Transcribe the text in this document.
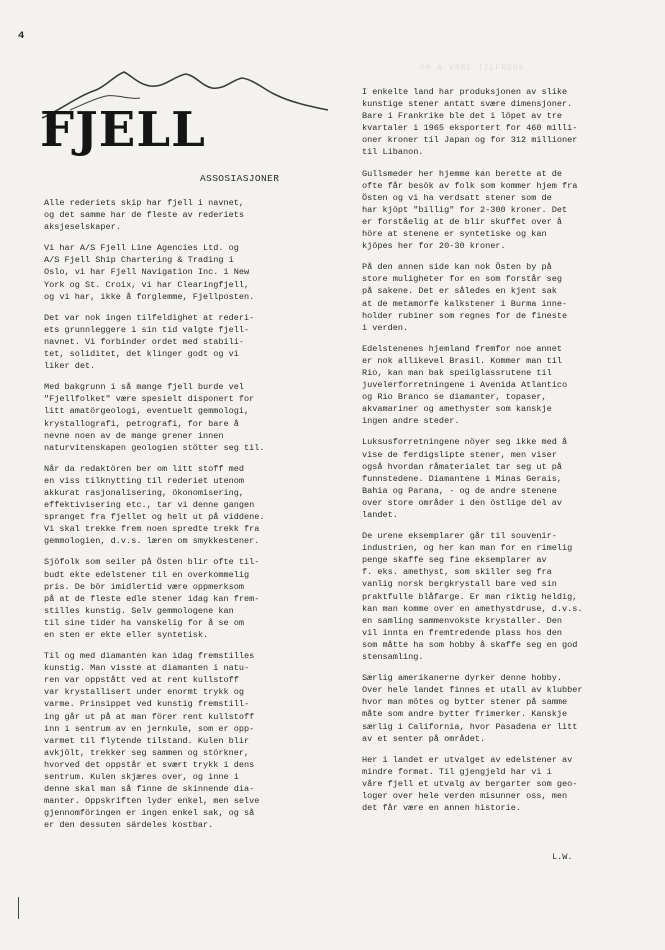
4
OM Å VÆRE TILFREDS
FJELL
ASSOSIASJONER

Alle rederiets skip har fjell i navnet,
og det samme har de fleste av rederiets
aksjeselskaper.

Vi har A/S Fjell Line Agencies Ltd. og
A/S Fjell Ship Chartering & Trading i
Oslo, vi har Fjell Navigation Inc. i New
York og St. Croix, vi har Clearingfjell,
og vi har, ikke å forglemme, Fjellposten.

Det var nok ingen tilfeldighet at rederi-
ets grunnleggere i sin tid valgte fjell-
navnet. Vi forbinder ordet med stabili-
tet, soliditet, det klinger godt og vi
liker det.

Med bakgrunn i så mange fjell burde vel
"Fjellfolket" være spesielt disponert for
litt amatörgeologi, eventuelt gemmologi,
krystallografi, petrografi, for bare å
nevne noen av de mange grener innen
naturvitenskapen geologien stötter seg til.

Når da redaktören ber om litt stoff med
en viss tilknytting til rederiet utenom
akkurat rasjonalisering, ökonomisering,
effektivisering etc., tar vi denne gangen
spranget fra fjellet og helt ut på viddene.
Vi skal trekke frem noen spredte trekk fra
gemmologien, d.v.s. læren om smykkestener.

Sjöfolk som seiler på Östen blir ofte til-
budt ekte edelstener til en overkommelig
pris. De bör imidlertid være oppmerksom
på at de fleste edle stener idag kan frem-
stilles kunstig. Selv gemmologene kan
til sine tider ha vanskelig for å se om
en sten er ekte eller syntetisk.

Til og med diamanten kan idag fremstilles
kunstig. Man visste at diamanten i natu-
ren var oppstått ved at rent kullstoff
var krystallisert under enormt trykk og
varme. Prinsippet ved kunstig fremstill-
ing går ut på at man förer rent kullstoff
inn i sentrum av en jernkule, som er opp-
varmet til flytende tilstand. Kulen blir
avkjölt, trekker seg sammen og störkner,
hvorved det oppstår et svært trykk i dens
sentrum. Kulen skjæres over, og inne i
denne skal man så finne de skinnende dia-
manter. Oppskriften lyder enkel, men selve
gjennomföringen er ingen enkel sak, og så
er den dessuten särdeles kostbar.

I enkelte land har produksjonen av slike
kunstige stener antatt svære dimensjoner.
Bare i Frankrike ble det i löpet av tre
kvartaler i 1965 eksportert for 460 milli-
oner kroner til Japan og for 312 millioner
til Libanon.

Gullsmeder her hjemme kan berette at de
ofte får besök av folk som kommer hjem fra
Östen og vi ha verdsatt stener som de
har kjöpt "billig" for 2-300 kroner. Det
er forståelig at de blir skuffet over å
höre at stenene er syntetiske og kan
kjöpes her for 20-30 kroner.

På den annen side kan nok Östen by på
store muligheter for en som forstår seg
på sakene. Det er således en kjent sak
at de metamorfe kalkstener i Burma inne-
holder rubiner som regnes for de fineste
i verden.

Edelstenenes hjemland fremfor noe annet
er nok allikevel Brasil. Kommer man til
Rio, kan man bak speilglassrutene til
juvelerforretningene i Avenida Atlantico
og Rio Branco se diamanter, topaser,
akvamariner og amethyster som kanskje
ingen andre steder.

Luksusforretningene nöyer seg ikke med å
vise de ferdigslipte stener, men viser
også hvordan råmaterialet tar seg ut på
funnstedene. Diamantene i Minas Gerais,
Bahia og Parana, - og de andre stenene
over store områder i den östlige del av
landet.

De urene eksemplarer går til souvenir-
industrien, og her kan man for en rimelig
penge skaffe seg fine eksemplarer av
f. eks. amethyst, som skiller seg fra
vanlig norsk bergkrystall bare ved sin
praktfulle blåfarge. Er man riktig heldig,
kan man komme over en amethystdruse, d.v.s.
en samling sammenvokste krystaller. Den
vil innta en fremtredende plass hos den
som måtte ha som hobby å skaffe seg en god
stensamling.

Særlig amerikanerne dyrker denne hobby.
Over hele landet finnes et utall av klubber
hvor man mötes og bytter stener på samme
måte som andre bytter frimerker. Kanskje
særlig i California, hvor Pasadena er litt
av et senter på området.

Her i landet er utvalget av edelstener av
mindre format. Til gjengjeld har vi i
våre fjell et utvalg av bergarter som geo-
loger over hele verden misunner oss, men
det får være en annen historie.

L.W.
